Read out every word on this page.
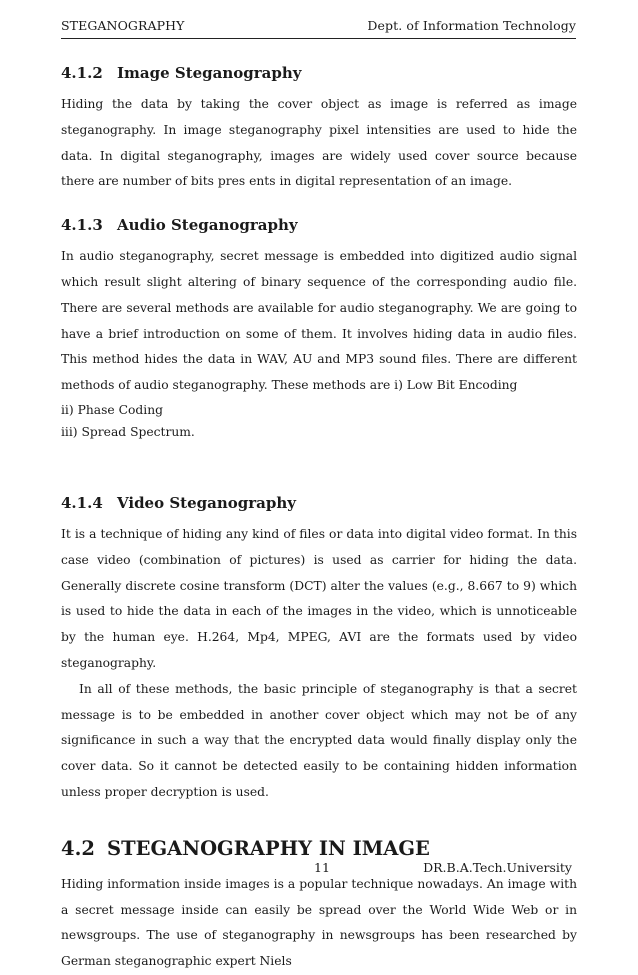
STEGANOGRAPHY	Dept. of Information Technology
4.1.2 Image Steganography

Hiding the data by taking the cover object as image is referred as image steganography. In image steganography pixel intensities are used to hide the data. In digital steganography, images are widely used cover source because there are number of bits pres ents in digital representation of an image.

4.1.3 Audio Steganography

In audio steganography, secret message is embedded into digitized audio signal which result slight altering of binary sequence of the corresponding audio file. There are several methods are available for audio steganography. We are going to have a brief introduction on some of them. It involves hiding data in audio files. This method hides the data in WAV, AU and MP3 sound files. There are different methods of audio steganography. These methods are i) Low Bit Encoding

ii) Phase Coding

iii) Spread Spectrum.

4.1.4 Video Steganography

It is a technique of hiding any kind of files or data into digital video format. In this case video (combination of pictures) is used as carrier for hiding the data. Generally discrete cosine transform (DCT) alter the values (e.g., 8.667 to 9) which is used to hide the data in each of the images in the video, which is unnoticeable by the human eye. H.264, Mp4, MPEG, AVI are the formats used by video steganography.

In all of these methods, the basic principle of steganography is that a secret message is to be embedded in another cover object which may not be of any significance in such a way that the encrypted data would finally display only the cover data. So it cannot be detected easily to be containing hidden information unless proper decryption is used.

4.2 STEGANOGRAPHY IN IMAGE

Hiding information inside images is a popular technique nowadays. An image with a secret message inside can easily be spread over the World Wide Web or in newsgroups. The use of steganography in newsgroups has been researched by German steganographic expert Niels

11	DR.B.A.Tech.University
